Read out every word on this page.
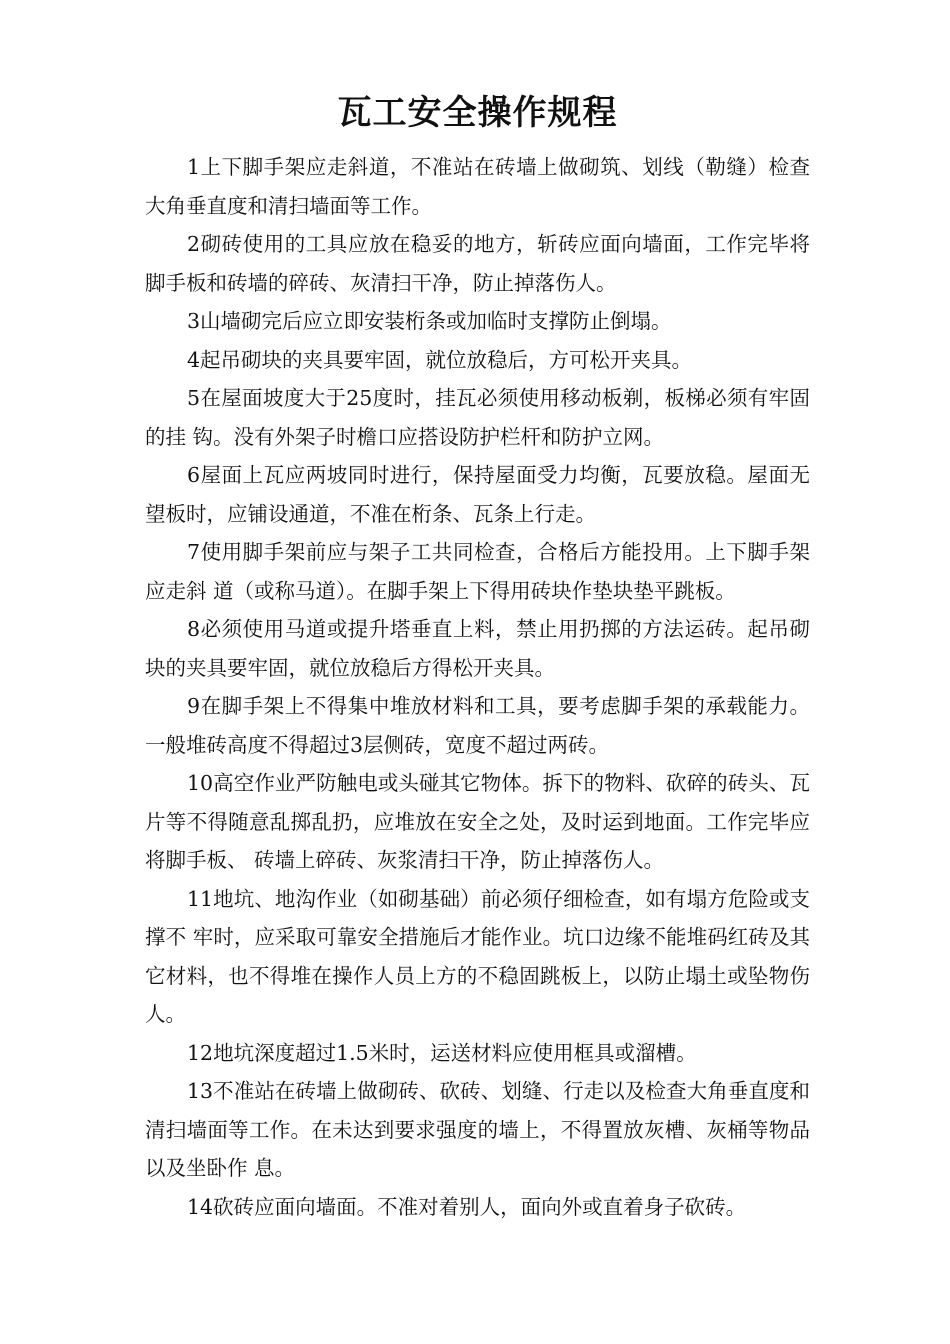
瓦工安全操作规程

1上下脚手架应走斜道，不准站在砖墙上做砌筑、划线（勒缝）检查大角垂直度和清扫墙面等工作。

2砌砖使用的工具应放在稳妥的地方，斩砖应面向墙面，工作完毕将脚手板和砖墙的碎砖、灰清扫干净，防止掉落伤人。

3山墙砌完后应立即安装桁条或加临时支撑防止倒塌。

4起吊砌块的夹具要牢固，就位放稳后，方可松开夹具。

5在屋面坡度大于25度时，挂瓦必须使用移动板剃，板梯必须有牢固的挂 钩。没有外架子时檐口应搭设防护栏杆和防护立网。

6屋面上瓦应两坡同时进行，保持屋面受力均衡，瓦要放稳。屋面无望板时，应铺设通道，不准在桁条、瓦条上行走。

7使用脚手架前应与架子工共同检查，合格后方能投用。上下脚手架应走斜 道（或称马道）。在脚手架上下得用砖块作垫块垫平跳板。

8必须使用马道或提升塔垂直上料，禁止用扔掷的方法运砖。起吊砌块的夹具要牢固，就位放稳后方得松开夹具。

9在脚手架上不得集中堆放材料和工具，要考虑脚手架的承载能力。一般堆砖高度不得超过3层侧砖，宽度不超过两砖。

10高空作业严防触电或头碰其它物体。拆下的物料、砍碎的砖头、瓦片等不得随意乱掷乱扔，应堆放在安全之处，及时运到地面。工作完毕应将脚手板、 砖墙上碎砖、灰浆清扫干净，防止掉落伤人。

11地坑、地沟作业（如砌基础）前必须仔细检查，如有塌方危险或支撑不 牢时，应采取可靠安全措施后才能作业。坑口边缘不能堆码红砖及其它材料，也不得堆在操作人员上方的不稳固跳板上，以防止塌土或坠物伤人。

12地坑深度超过1.5米时，运送材料应使用框具或溜槽。

13不准站在砖墙上做砌砖、砍砖、划缝、行走以及检查大角垂直度和清扫墙面等工作。在未达到要求强度的墙上，不得置放灰槽、灰桶等物品以及坐卧作 息。

14砍砖应面向墙面。不准对着别人，面向外或直着身子砍砖。
